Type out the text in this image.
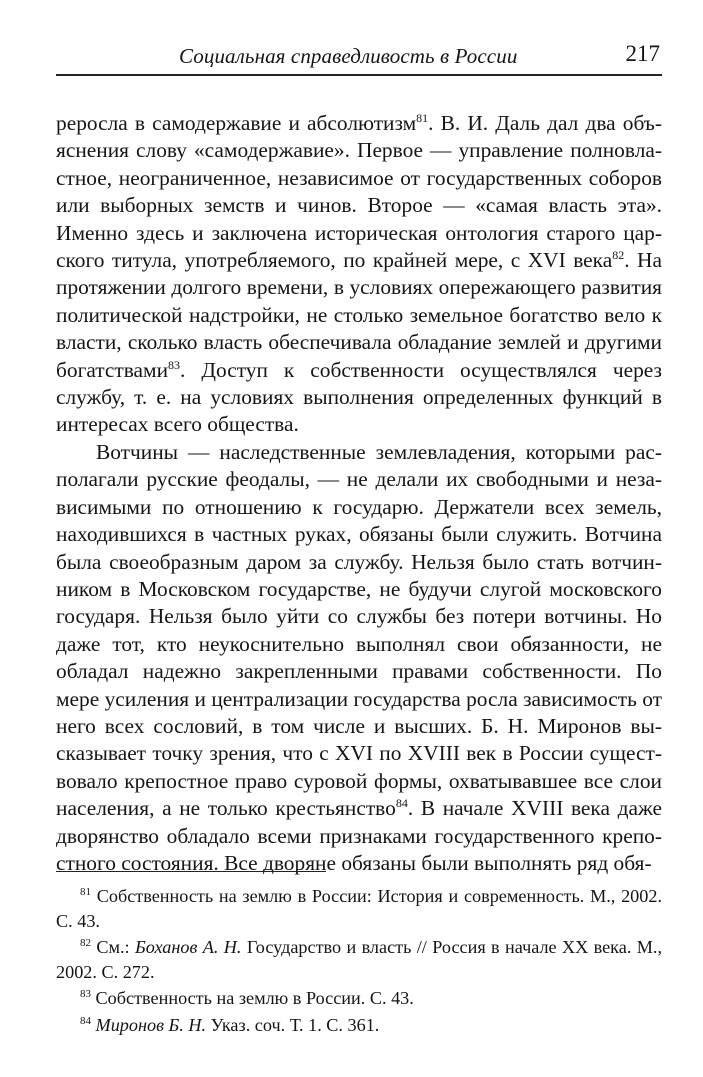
Социальная справедливость в России	217

реросла в самодержавие и абсолютизм$^{81}$. В. И. Даль дал два объяснения слову «самодержавие». Первое — управление полновластное, неограниченное, независимое от государственных соборов или выборных земств и чинов. Второе — «самая власть эта». Именно здесь и заключена историческая онтология старого царского титула, употребляемого, по крайней мере, с XVI века$^{82}$. На протяжении долгого времени, в условиях опережающего развития политической надстройки, не столько земельное богатство вело к власти, сколько власть обеспечивала обладание землей и другими богатствами$^{83}$. Доступ к собственности осуществлялся через службу, т. е. на условиях выполнения определенных функций в интересах всего общества.

Вотчины — наследственные землевладения, которыми располагали русские феодалы, — не делали их свободными и независимыми по отношению к государю. Держатели всех земель, находившихся в частных руках, обязаны были служить. Вотчина была своеобразным даром за службу. Нельзя было стать вотчинником в Московском государстве, не будучи слугой московского государя. Нельзя было уйти со службы без потери вотчины. Но даже тот, кто неукоснительно выполнял свои обязанности, не обладал надежно закрепленными правами собственности. По мере усиления и централизации государства росла зависимость от него всех сословий, в том числе и высших. Б. Н. Миронов высказывает точку зрения, что с XVI по XVIII век в России существовало крепостное право суровой формы, охватывавшее все слои населения, а не только крестьянство$^{84}$. В начале XVIII века даже дворянство обладало всеми признаками государственного крепостного состояния. Все дворяне обязаны были выполнять ряд обя-

$^{81}$ Собственность на землю в России: История и современность. М., 2002. С. 43.

$^{82}$ См.: Боханов А. Н. Государство и власть // Россия в начале XX века. М., 2002. С. 272.

$^{83}$ Собственность на землю в России. С. 43.

$^{84}$ Миронов Б. Н. Указ. соч. Т. 1. С. 361.
